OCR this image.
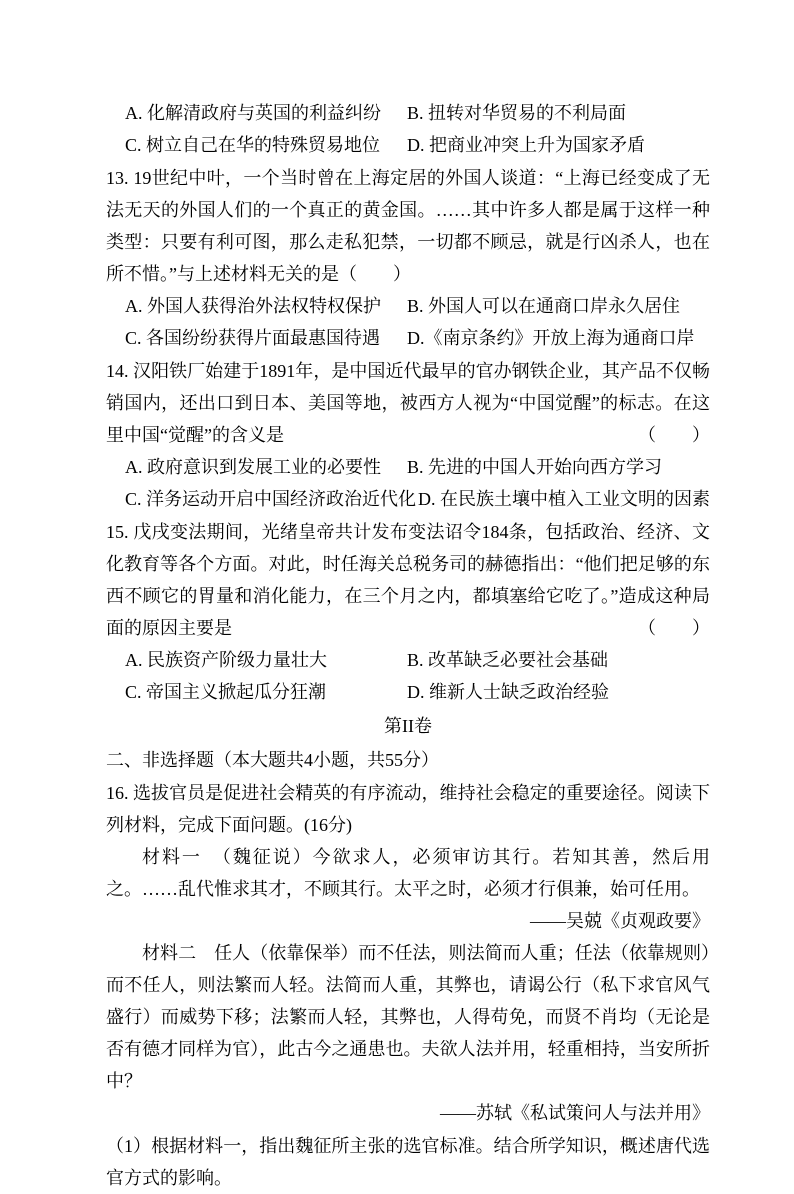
A. 化解清政府与英国的利益纠纷	B. 扭转对华贸易的不利局面
C. 树立自己在华的特殊贸易地位	D. 把商业冲突上升为国家矛盾

13. 19世纪中叶，一个当时曾在上海定居的外国人谈道：“上海已经变成了无法无天的外国人们的一个真正的黄金国。……其中许多人都是属于这样一种类型：只要有利可图，那么走私犯禁，一切都不顾忌，就是行凶杀人，也在所不惜。”与上述材料无关的是（　　）

A. 外国人获得治外法权特权保护	B. 外国人可以在通商口岸永久居住
C. 各国纷纷获得片面最惠国待遇	D.《南京条约》开放上海为通商口岸

14. 汉阳铁厂始建于1891年，是中国近代最早的官办钢铁企业，其产品不仅畅销国内，还出口到日本、美国等地，被西方人视为“中国觉醒”的标志。在这里中国“觉醒”的含义是	（　　）

A. 政府意识到发展工业的必要性	B. 先进的中国人开始向西方学习
C. 洋务运动开启中国经济政治近代化 D. 在民族土壤中植入工业文明的因素

15. 戊戌变法期间，光绪皇帝共计发布变法诏令184条，包括政治、经济、文化教育等各个方面。对此，时任海关总税务司的赫德指出：“他们把足够的东西不顾它的胃量和消化能力，在三个月之内，都填塞给它吃了。”造成这种局面的原因主要是	（　　）

A. 民族资产阶级力量壮大	B. 改革缺乏必要社会基础
C. 帝国主义掀起瓜分狂潮	D. 维新人士缺乏政治经验

第II卷

二、非选择题（本大题共4小题，共55分）

16. 选拔官员是促进社会精英的有序流动，维持社会稳定的重要途径。阅读下列材料，完成下面问题。(16分)

材料一　（魏征说）今欲求人，必须审访其行。若知其善，然后用之。……乱代惟求其才，不顾其行。太平之时，必须才行俱兼，始可任用。

——吴兢《贞观政要》

材料二　任人（依靠保举）而不任法，则法简而人重；任法（依靠规则）而不任人，则法繁而人轻。法简而人重，其弊也，请谒公行（私下求官风气盛行）而威势下移；法繁而人轻，其弊也，人得苟免，而贤不肖均（无论是否有德才同样为官），此古今之通患也。夫欲人法并用，轻重相持，当安所折中？

——苏轼《私试策问人与法并用》

（1）根据材料一，指出魏征所主张的选官标准。结合所学知识，概述唐代选官方式的影响。
